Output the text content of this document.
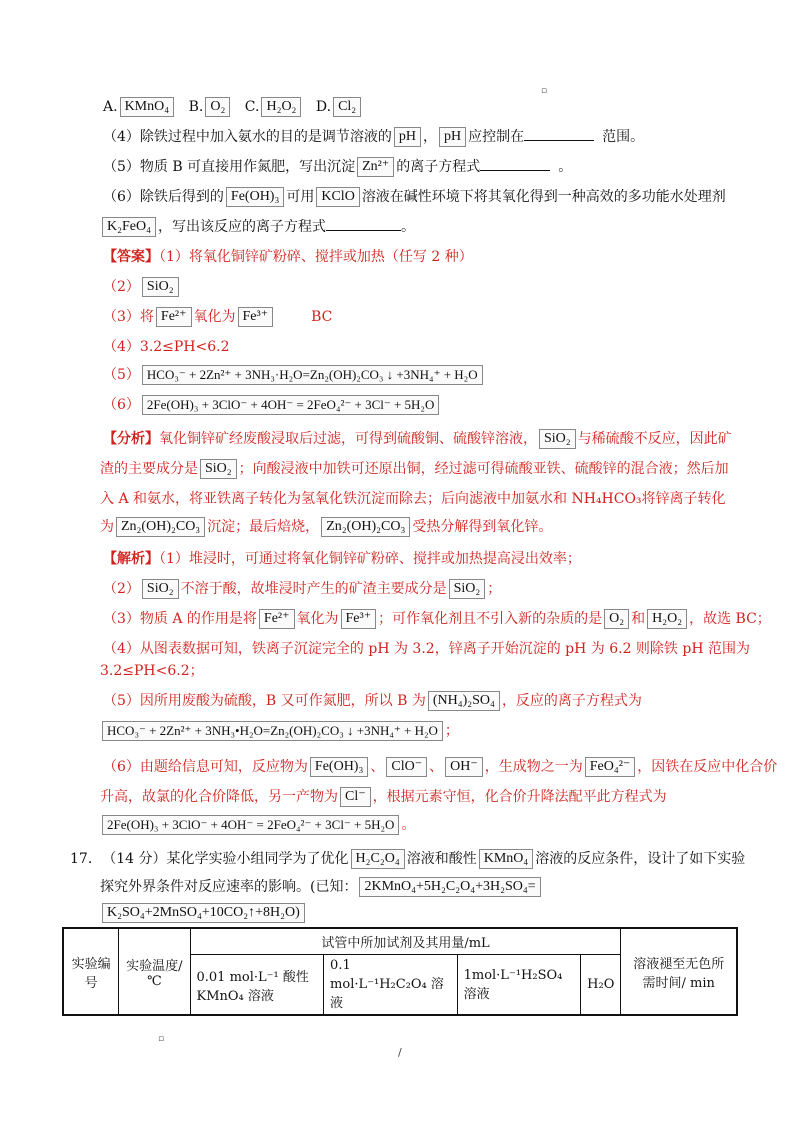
▫
A. KMnO₄ B. O₂ C. H₂O₂ D. Cl₂
（4）除铁过程中加入氨水的目的是调节溶液的 pH ， pH 应控制在	范围。
（5）物质 B 可直接用作氮肥，写出沉淀 Zn²⁺ 的离子方程式	。
（6）除铁后得到的 Fe(OH)₃ 可用 KClO 溶液在碱性环境下将其氧化得到一种高效的多功能水处理剂
K₂FeO₄ ，写出该反应的离子方程式	。
【答案】（1）将氧化铜锌矿粉碎、搅拌或加热（任写 2 种）
（2） SiO₂
（3）将 Fe²⁺ 氧化为 Fe³⁺	BC
（4）3.2≤PH<6.2
（5） HCO₃⁻ + 2Zn²⁺ + 3NH₃·H₂O=Zn₂(OH)₂CO₃ ↓ +3NH₄⁺ + H₂O
（6） 2Fe(OH)₃ + 3ClO⁻ + 4OH⁻ = 2FeO₄²⁻ + 3Cl⁻ + 5H₂O
【分析】氧化铜锌矿经废酸浸取后过滤，可得到硫酸铜、硫酸锌溶液， SiO₂ 与稀硫酸不反应，因此矿
渣的主要成分是 SiO₂ ；向酸浸液中加铁可还原出铜，经过滤可得硫酸亚铁、硫酸锌的混合液；然后加
入 A 和氨水，将亚铁离子转化为氢氧化铁沉淀而除去；后向滤液中加氨水和 NH₄HCO₃将锌离子转化
为 Zn₂(OH)₂CO₃ 沉淀；最后焙烧， Zn₂(OH)₂CO₃ 受热分解得到氧化锌。
【解析】（1）堆浸时，可通过将氧化铜锌矿粉碎、搅拌或加热提高浸出效率；
（2） SiO₂ 不溶于酸，故堆浸时产生的矿渣主要成分是 SiO₂ ；
（3）物质 A 的作用是将 Fe²⁺ 氧化为 Fe³⁺ ；可作氧化剂且不引入新的杂质的是 O₂ 和 H₂O₂ ，故选 BC；
（4）从图表数据可知，铁离子沉淀完全的 pH 为 3.2，锌离子开始沉淀的 pH 为 6.2 则除铁 pH 范围为
3.2≤PH<6.2；
（5）因所用废酸为硫酸，B 又可作氮肥，所以 B 为 (NH₄)₂SO₄ ，反应的离子方程式为
HCO₃⁻ + 2Zn²⁺ + 3NH₃•H₂O=Zn₂(OH)₂CO₃ ↓ +3NH₄⁺ + H₂O ；
（6）由题给信息可知，反应物为 Fe(OH)₃ 、 ClO⁻ 、 OH⁻ ，生成物之一为 FeO₄²⁻ ，因铁在反应中化合价
升高，故氯的化合价降低，另一产物为 Cl⁻ ，根据元素守恒，化合价升降法配平此方程式为
2Fe(OH)₃ + 3ClO⁻ + 4OH⁻ = 2FeO₄²⁻ + 3Cl⁻ + 5H₂O 。
17. （14 分）某化学实验小组同学为了优化 H₂C₂O₄ 溶液和酸性 KMnO₄ 溶液的反应条件，设计了如下实验
探究外界条件对反应速率的影响。(已知： 2KMnO₄+5H₂C₂O₄+3H₂SO₄=
K₂SO₄+2MnSO₄+10CO₂↑+8H₂O)
实验编号	实验温度/℃	试管中所加试剂及其用量/mL				溶液褪至无色所需时间/ min
		0.01 mol·L⁻¹ 酸性 KMnO₄ 溶液	0.1 mol·L⁻¹H₂C₂O₄ 溶液	1mol·L⁻¹H₂SO₄ 溶液	H₂O	
▫
/
